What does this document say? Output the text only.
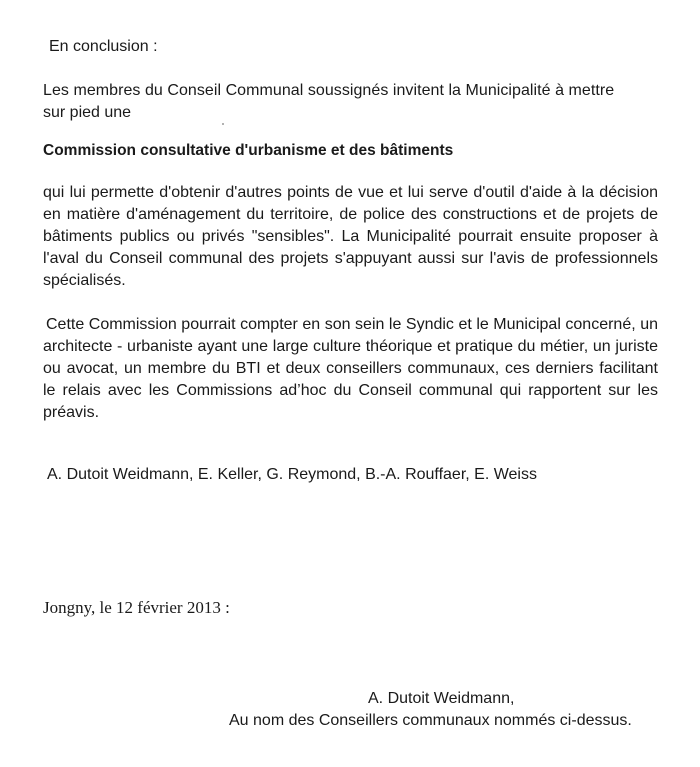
En conclusion :
Les membres du Conseil Communal soussignés invitent la Municipalité à mettre
sur pied une
Commission consultative d'urbanisme et des bâtiments
qui lui permette d'obtenir d'autres points de vue et lui serve d'outil d'aide à la décision en matière d'aménagement du territoire, de police des constructions et de projets de bâtiments publics ou privés "sensibles". La Municipalité pourrait ensuite proposer à l'aval du Conseil communal des projets s'appuyant aussi sur l'avis de professionnels spécialisés.
Cette Commission pourrait compter en son sein le Syndic et le Municipal concerné, un architecte - urbaniste ayant une large culture théorique et pratique du métier, un juriste ou avocat, un membre du BTI et deux conseillers communaux, ces derniers facilitant le relais avec les Commissions ad’hoc du Conseil communal qui rapportent sur les préavis.
A. Dutoit Weidmann, E. Keller, G. Reymond, B.-A. Rouffaer, E. Weiss
Jongny, le 12 février 2013 :
A. Dutoit Weidmann,
Au nom des Conseillers communaux nommés ci-dessus.
